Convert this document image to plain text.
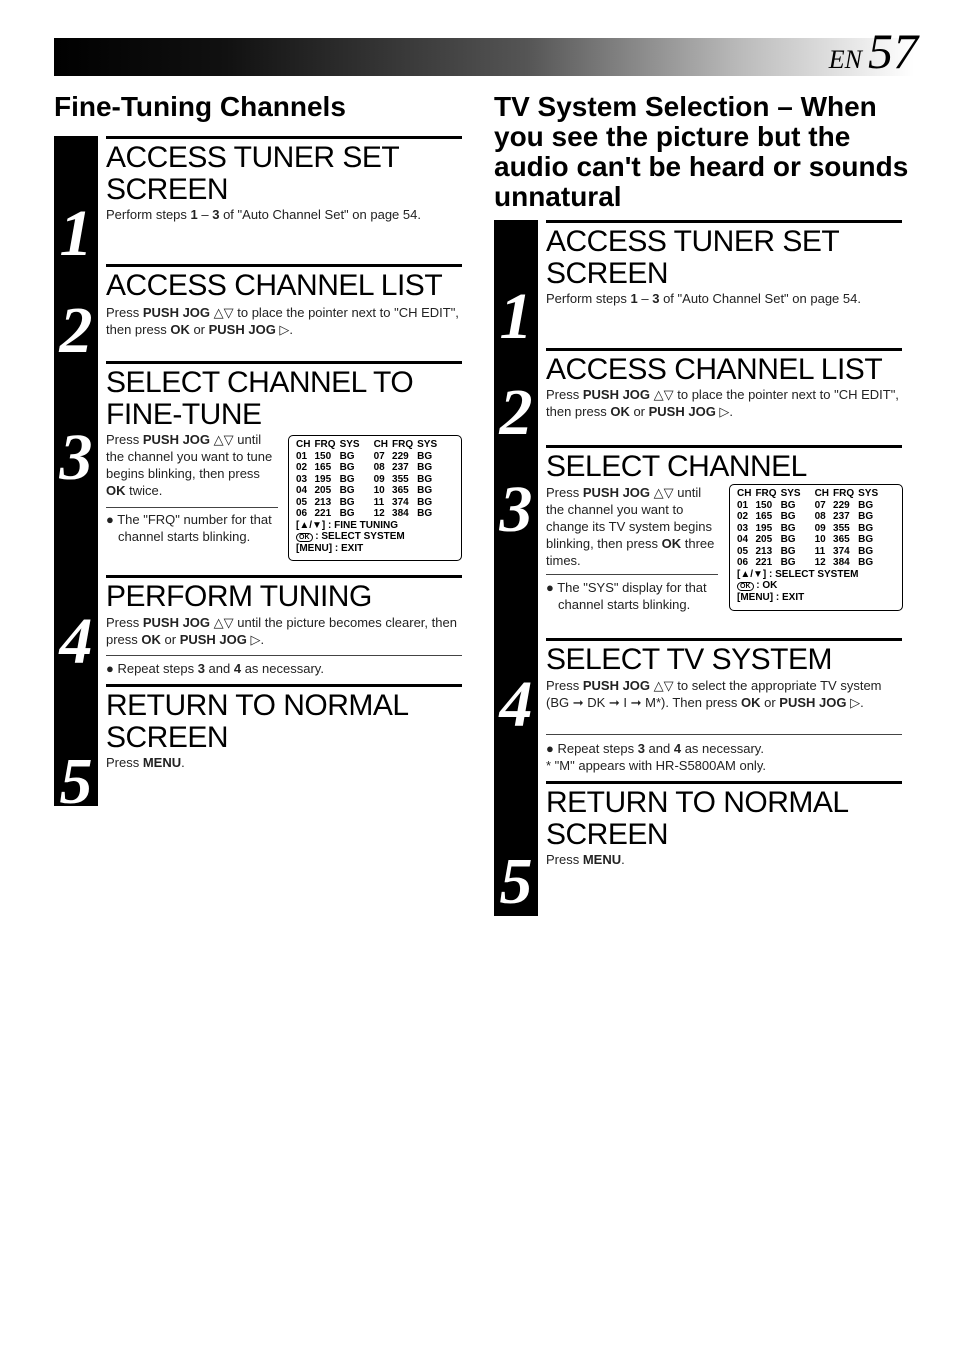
EN 57
Fine-Tuning Channels
1
ACCESS TUNER SET SCREEN
Perform steps 1 – 3 of "Auto Channel Set" on page 54.
2
ACCESS CHANNEL LIST
Press PUSH JOG △▽ to place the pointer next to "CH EDIT", then press OK or PUSH JOG ▷.
3
SELECT CHANNEL TO FINE-TUNE
Press PUSH JOG △▽ until the channel you want to tune begins blinking, then press OK twice.
● The "FRQ" number for that channel starts blinking.
CH	FRQ	SYS	CH	FRQ	SYS
01	150	BG	07	229	BG
02	165	BG	08	237	BG
03	195	BG	09	355	BG
04	205	BG	10	365	BG
05	213	BG	11	374	BG
06	221	BG	12	384	BG
[▲/▼] : FINE TUNING
OK : SELECT SYSTEM
[MENU] : EXIT
4
PERFORM TUNING
Press PUSH JOG △▽ until the picture becomes clearer, then press OK or PUSH JOG ▷.
● Repeat steps 3 and 4 as necessary.
5
RETURN TO NORMAL SCREEN
Press MENU.
TV System Selection – When you see the picture but the audio can't be heard or sounds unnatural
1
ACCESS TUNER SET SCREEN
Perform steps 1 – 3 of "Auto Channel Set" on page 54.
2
ACCESS CHANNEL LIST
Press PUSH JOG △▽ to place the pointer next to "CH EDIT", then press OK or PUSH JOG ▷.
3
SELECT CHANNEL
Press PUSH JOG △▽ until the channel you want to change its TV system begins blinking, then press OK three times.
● The "SYS" display for that channel starts blinking.
CH	FRQ	SYS	CH	FRQ	SYS
01	150	BG	07	229	BG
02	165	BG	08	237	BG
03	195	BG	09	355	BG
04	205	BG	10	365	BG
05	213	BG	11	374	BG
06	221	BG	12	384	BG
[▲/▼] : SELECT SYSTEM
OK : OK
[MENU] : EXIT
4
SELECT TV SYSTEM
Press PUSH JOG △▽ to select the appropriate TV system (BG ➞ DK ➞ I ➞ M*). Then press OK or PUSH JOG ▷.
● Repeat steps 3 and 4 as necessary.
* "M" appears with HR-S5800AM only.
5
RETURN TO NORMAL SCREEN
Press MENU.
